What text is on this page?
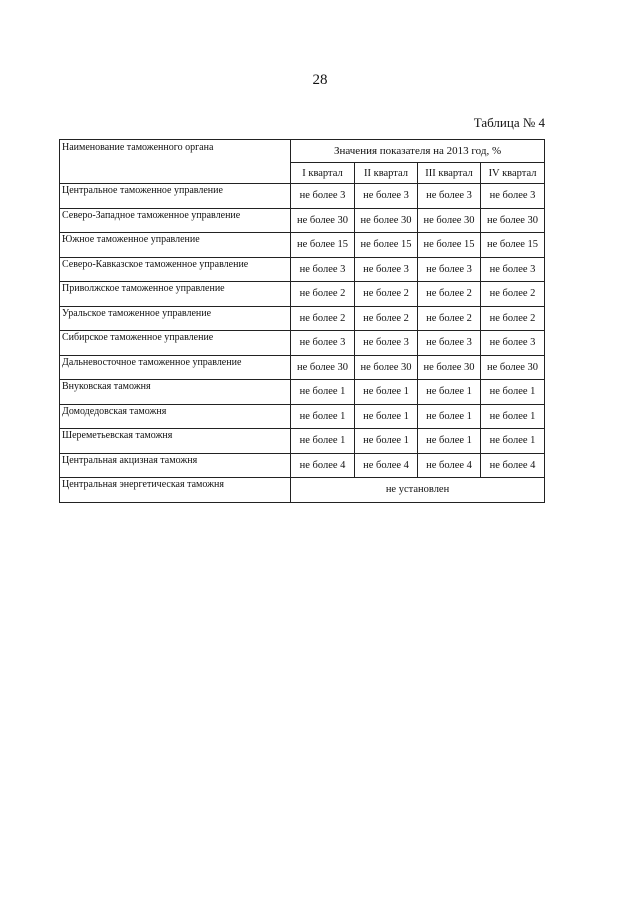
28
Таблица № 4
Наименование таможенного органа	Значения показателя на 2013 год, %			
	I квартал	II квартал	III квартал	IV квартал
Центральное таможенное управление	не более 3	не более 3	не более 3	не более 3
Северо-Западное таможенное управление	не более 30	не более 30	не более 30	не более 30
Южное таможенное управление	не более 15	не более 15	не более 15	не более 15
Северо-Кавказское таможенное управление	не более 3	не более 3	не более 3	не более 3
Приволжское таможенное управление	не более 2	не более 2	не более 2	не более 2
Уральское таможенное управление	не более 2	не более 2	не более 2	не более 2
Сибирское таможенное управление	не более 3	не более 3	не более 3	не более 3
Дальневосточное таможенное управление	не более 30	не более 30	не более 30	не более 30
Внуковская таможня	не более 1	не более 1	не более 1	не более 1
Домодедовская таможня	не более 1	не более 1	не более 1	не более 1
Шереметьевская таможня	не более 1	не более 1	не более 1	не более 1
Центральная акцизная таможня	не более 4	не более 4	не более 4	не более 4
Центральная энергетическая таможня	не установлен			
